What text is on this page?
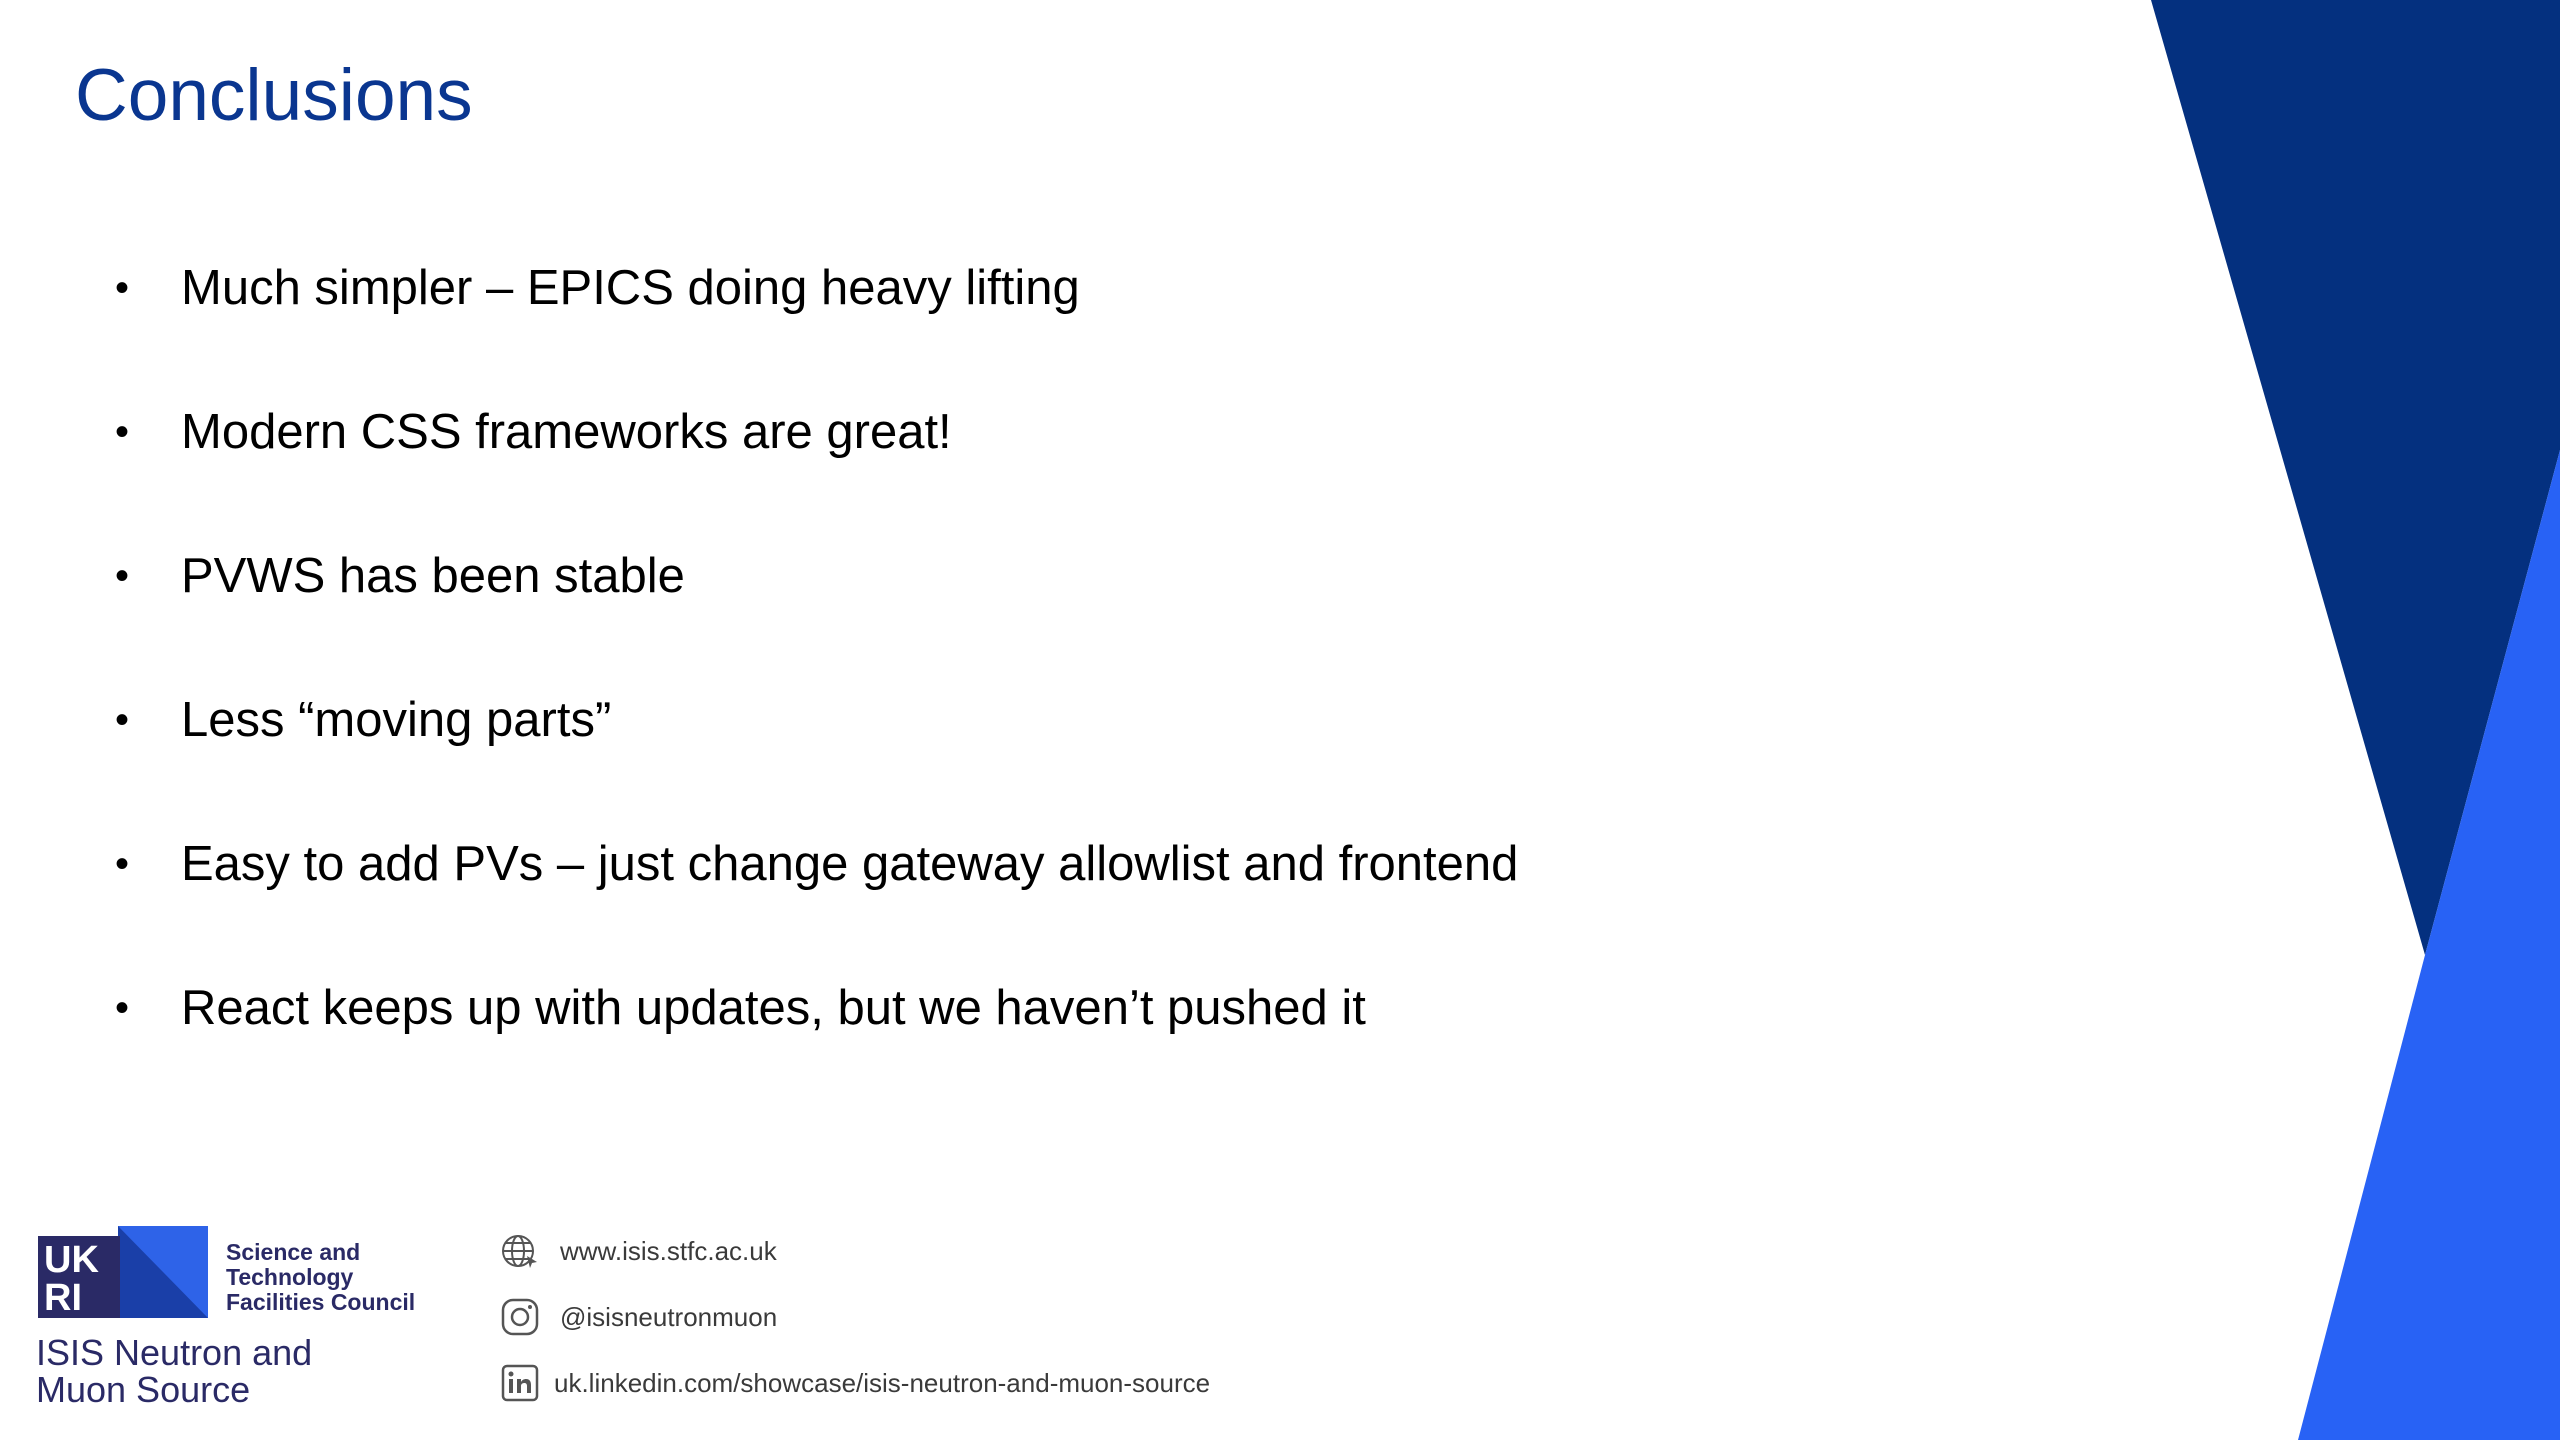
Conclusions
• Much simpler – EPICS doing heavy lifting
• Modern CSS frameworks are great!
• PVWS has been stable
• Less “moving parts”
• Easy to add PVs – just change gateway allowlist and frontend
• React keeps up with updates, but we haven’t pushed it
UK
RI
Science and
Technology
Facilities Council
ISIS Neutron and
Muon Source
www.isis.stfc.ac.uk
@isisneutronmuon
uk.linkedin.com/showcase/isis-neutron-and-muon-source
